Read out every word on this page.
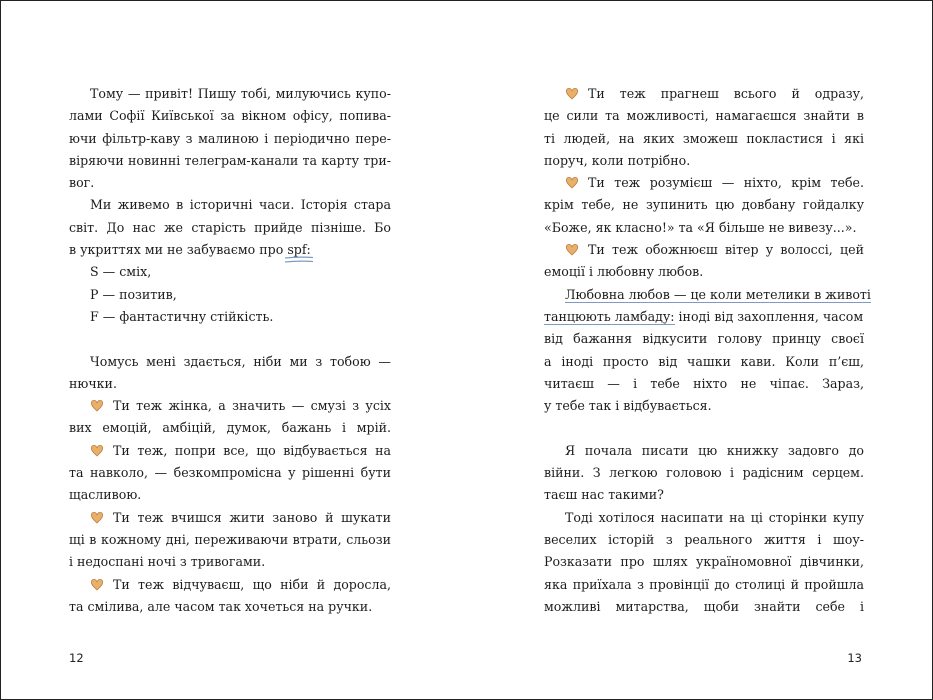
Тому — привіт! Пишу тобі, милуючись купо-
лами Софії Київської за вікном офісу, попива-
ючи фільтр-каву з малиною і періодично пере-
віряючи новинні телеграм-канали та карту три-
вог.
Ми живемо в історичні часи. Історія стара
світ. До нас же старість прийде пізніше. Бо
в укриттях ми не забуваємо про spf:
S — сміх,
P — позитив,
F — фантастичну стійкість.
Чомусь мені здається, ніби ми з тобою —
нючки.
Ти теж жінка, а значить — смузі з усіх
вих емоцій, амбіцій, думок, бажань і мрій.
Ти теж, попри все, що відбувається на
та навколо, — безкомпромісна у рішенні бути
щасливою.
Ти теж вчишся жити заново й шукати
щі в кожному дні, переживаючи втрати, сльози
і недоспані ночі з тривогами.
Ти теж відчуваєш, що ніби й доросла,
та смілива, але часом так хочеться на ручки.
12
Ти теж прагнеш всього й одразу,
це сили та можливості, намагаєшся знайти в
ті людей, на яких зможеш покластися і які
поруч, коли потрібно.
Ти теж розумієш — ніхто, крім тебе.
крім тебе, не зупинить цю довбану гойдалку
«Боже, як класно!» та «Я більше не вивезу...».
Ти теж обожнюєш вітер у волоссі, цей
емоції і любовну любов.
Любовна любов — це коли метелики в животі
танцюють ламбаду: іноді від захоплення, часом
від бажання відкусити голову принцу своєї
а іноді просто від чашки кави. Коли п’єш,
читаєш — і тебе ніхто не чіпає. Зараз,
у тебе так і відбувається.
Я почала писати цю книжку задовго до
війни. З легкою головою і радісним серцем.
таєш нас такими?
Тоді хотілося насипати на ці сторінки купу
веселих історій з реального життя і шоу-
Розказати про шлях україномовної дівчинки,
яка приїхала з провінції до столиці й пройшла
можливі митарства, щоби знайти себе і
13
